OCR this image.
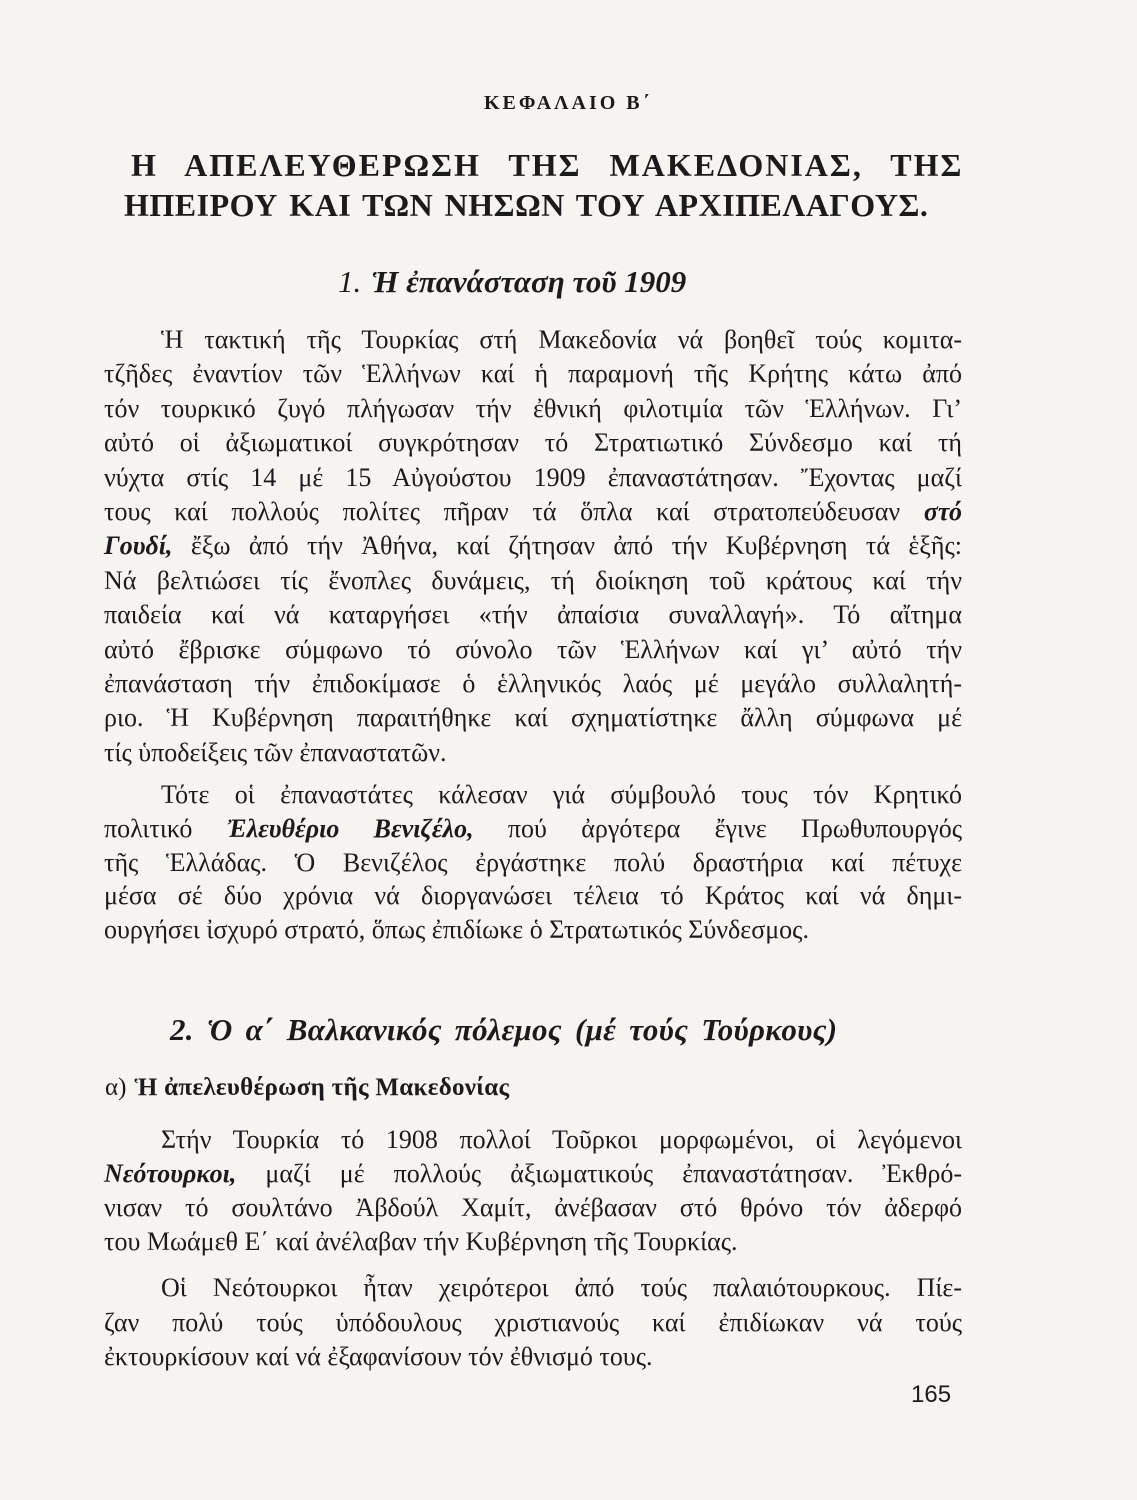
ΚΕΦΑΛΑΙΟ Β΄
Η ΑΠΕΛΕΥΘΕΡΩΣΗ ΤΗΣ ΜΑΚΕΔΟΝΙΑΣ, ΤΗΣ
ΗΠΕΙΡΟΥ ΚΑΙ ΤΩΝ ΝΗΣΩΝ ΤΟΥ ΑΡΧΙΠΕΛΑΓΟΥΣ.
1. Ἡ ἐπανάσταση τοῦ 1909
Ἡ τακτική τῆς Τουρκίας στή Μακεδονία νά βοηθεῖ τούς κομιτα-
τζῆδες ἐναντίον τῶν Ἑλλήνων καί ἡ παραμονή τῆς Κρήτης κάτω ἀπό
τόν τουρκικό ζυγό πλήγωσαν τήν ἐθνική φιλοτιμία τῶν Ἑλλήνων. Γι’
αὐτό οἱ ἀξιωματικοί συγκρότησαν τό Στρατιωτικό Σύνδεσμο καί τή
νύχτα στίς 14 μέ 15 Αὐγούστου 1909 ἐπαναστάτησαν. Ἔχοντας μαζί
τους καί πολλούς πολίτες πῆραν τά ὅπλα καί στρατοπεύδευσαν στό
Γουδί, ἔξω ἀπό τήν Ἀθήνα, καί ζήτησαν ἀπό τήν Κυβέρνηση τά ἑξῆς:
Νά βελτιώσει τίς ἔνοπλες δυνάμεις, τή διοίκηση τοῦ κράτους καί τήν
παιδεία καί νά καταργήσει «τήν ἀπαίσια συναλλαγή». Τό αἴτημα
αὐτό ἔβρισκε σύμφωνο τό σύνολο τῶν Ἑλλήνων καί γι’ αὐτό τήν
ἐπανάσταση τήν ἐπιδοκίμασε ὁ ἑλληνικός λαός μέ μεγάλο συλλαλητή-
ριο. Ἡ Κυβέρνηση παραιτήθηκε καί σχηματίστηκε ἄλλη σύμφωνα μέ
τίς ὑποδείξεις τῶν ἐπαναστατῶν.
Τότε οἱ ἐπαναστάτες κάλεσαν γιά σύμβουλό τους τόν Κρητικό
πολιτικό Ἐλευθέριο Βενιζέλο, πού ἀργότερα ἔγινε Πρωθυπουργός
τῆς Ἑλλάδας. Ὁ Βενιζέλος ἐργάστηκε πολύ δραστήρια καί πέτυχε
μέσα σέ δύο χρόνια νά διοργανώσει τέλεια τό Κράτος καί νά δημι-
ουργήσει ἰσχυρό στρατό, ὅπως ἐπιδίωκε ὁ Στρατωτικός Σύνδεσμος.
2. Ὁ α΄ Βαλκανικός πόλεμος (μέ τούς Τούρκους)
α) Ἡ ἀπελευθέρωση τῆς Μακεδονίας
Στήν Τουρκία τό 1908 πολλοί Τοῦρκοι μορφωμένοι, οἱ λεγόμενοι
Νεότουρκοι, μαζί μέ πολλούς ἀξιωματικούς ἐπαναστάτησαν. Ἐκθρό-
νισαν τό σουλτάνο Ἀβδούλ Χαμίτ, ἀνέβασαν στό θρόνο τόν ἀδερφό
του Μωάμεθ Ε΄ καί ἀνέλαβαν τήν Κυβέρνηση τῆς Τουρκίας.
Οἱ Νεότουρκοι ἦταν χειρότεροι ἀπό τούς παλαιότουρκους. Πίε-
ζαν πολύ τούς ὑπόδουλους χριστιανούς καί ἐπιδίωκαν νά τούς
ἐκτουρκίσουν καί νά ἐξαφανίσουν τόν ἐθνισμό τους.
165
